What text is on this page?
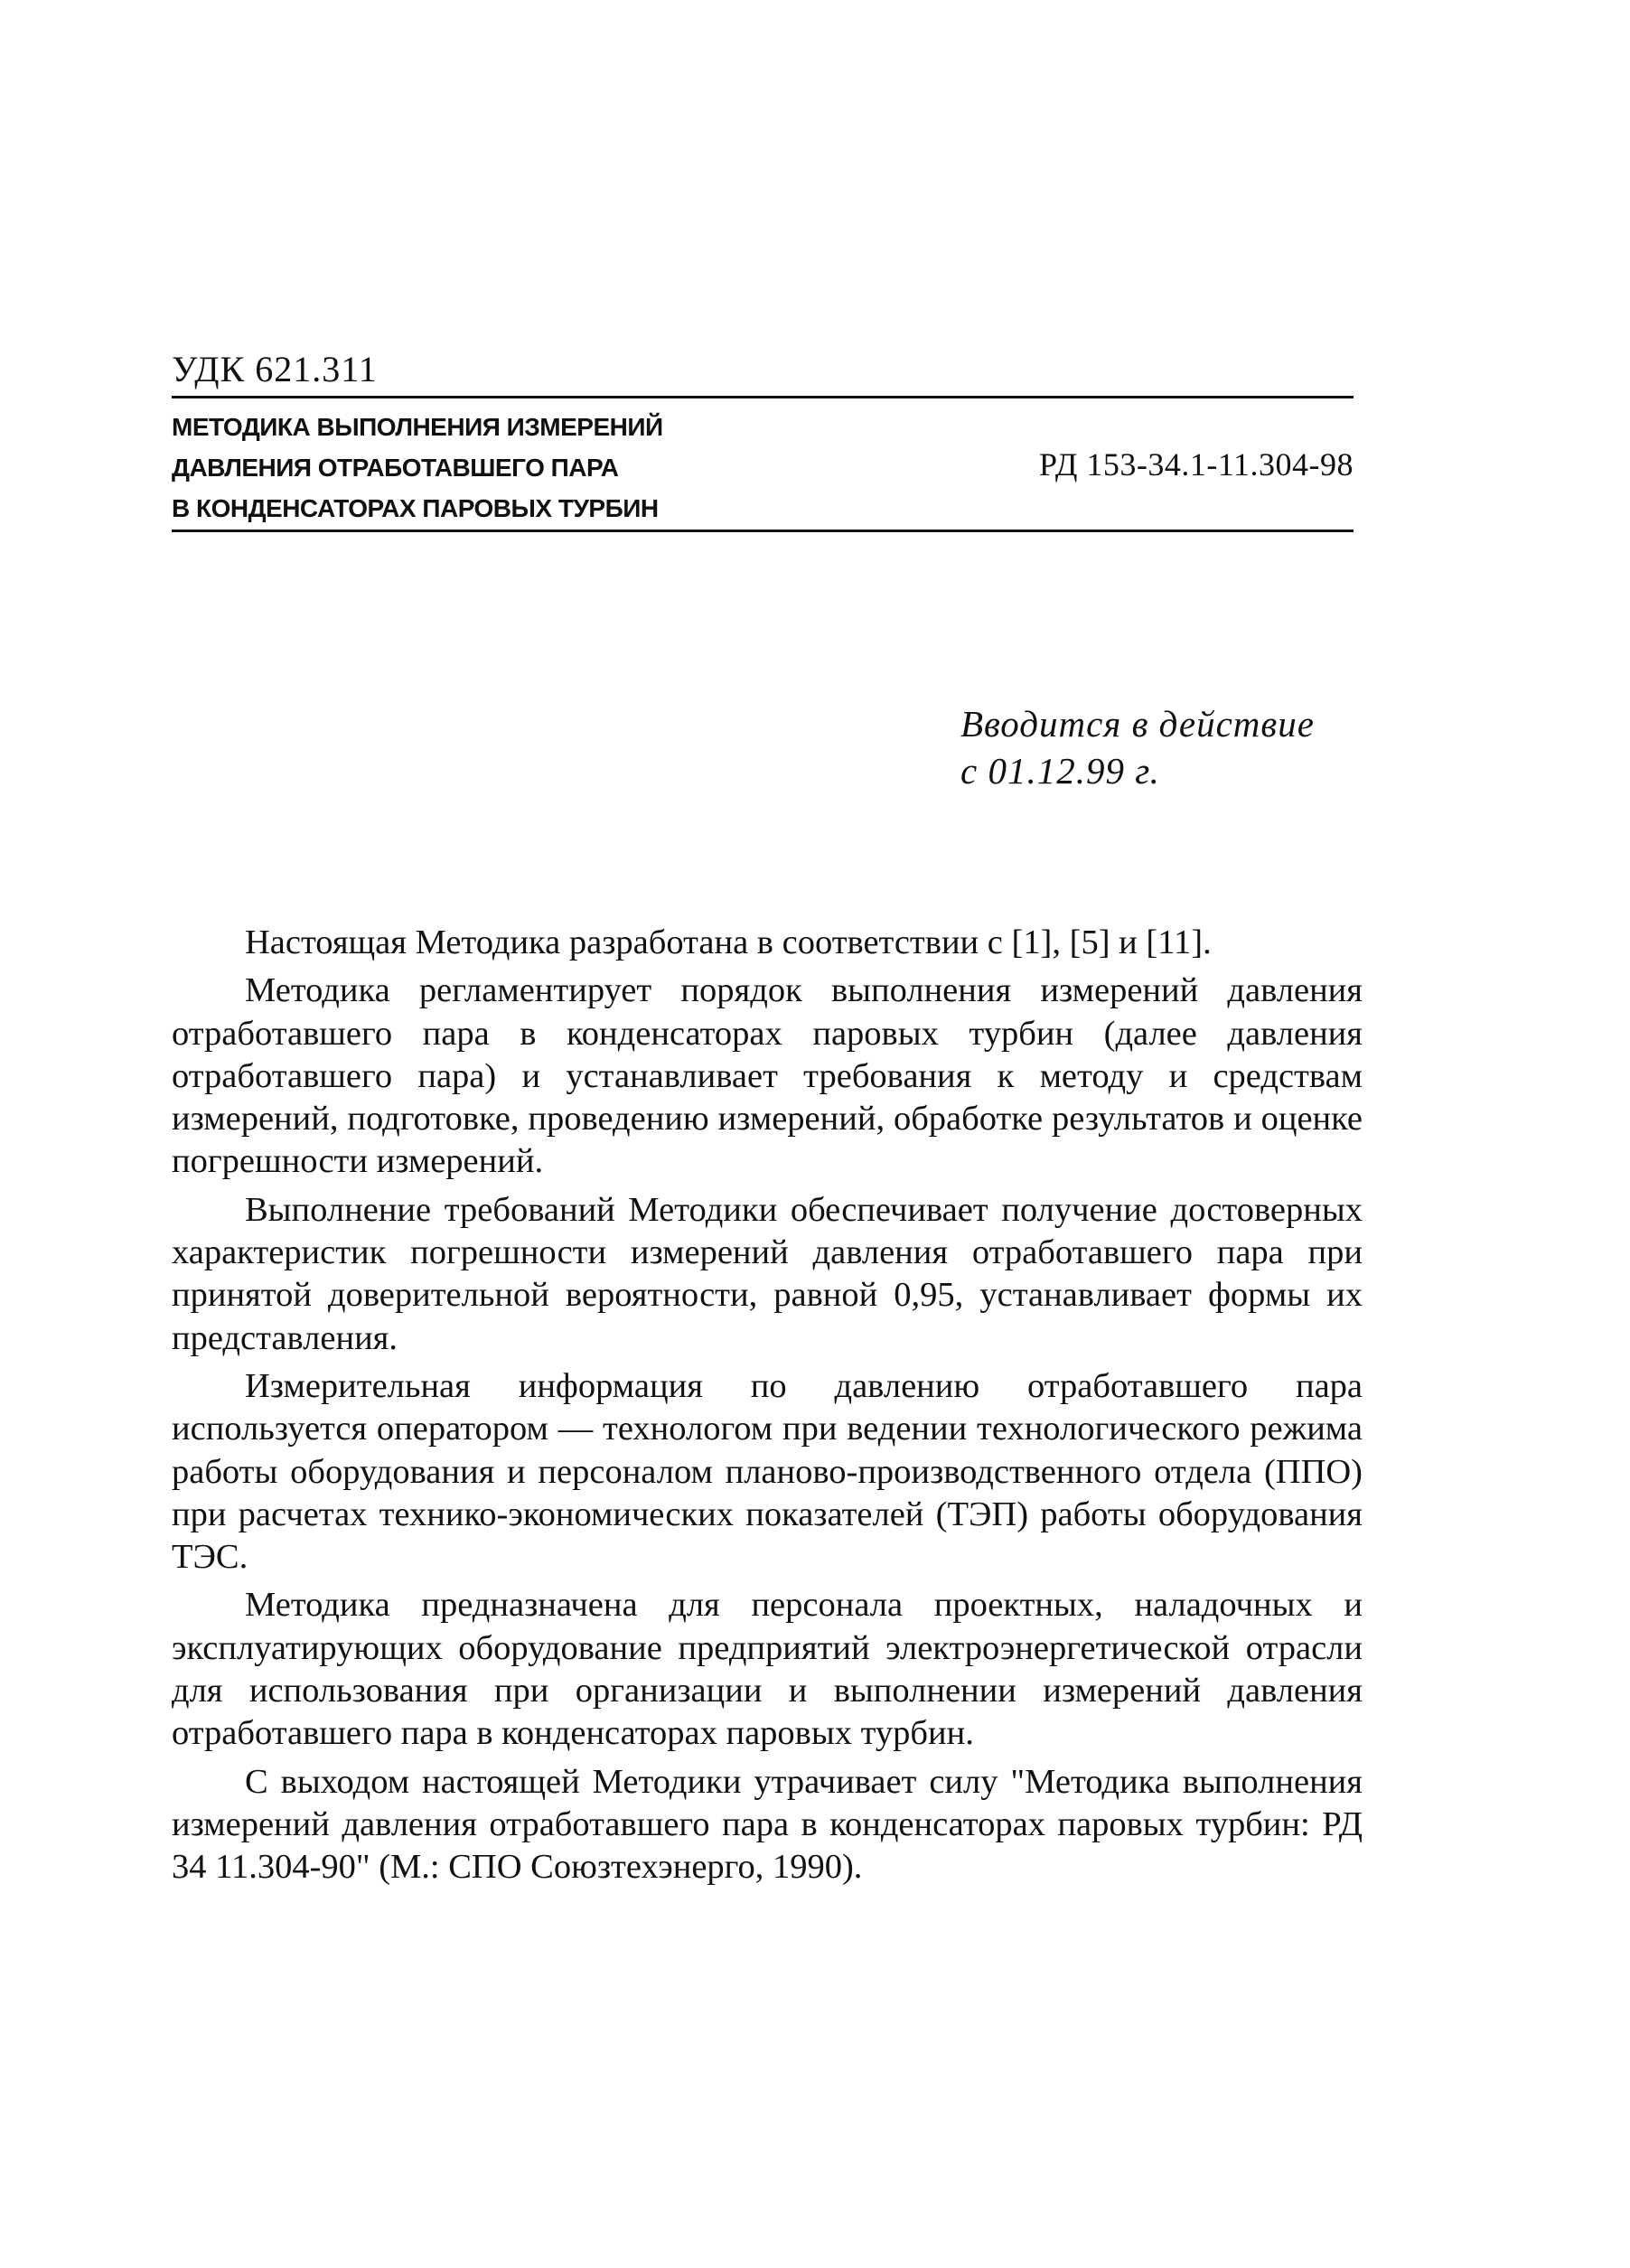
УДК 621.311
МЕТОДИКА ВЫПОЛНЕНИЯ ИЗМЕРЕНИЙ
ДАВЛЕНИЯ ОТРАБОТАВШЕГО ПАРА
В КОНДЕНСАТОРАХ ПАРОВЫХ ТУРБИН
РД 153-34.1-11.304-98
Вводится в действие
с 01.12.99 г.

Настоящая Методика разработана в соответствии с [1], [5] и [11].

Методика регламентирует порядок выполнения измерений давления отработавшего пара в конденсаторах паровых турбин (далее давления отработавшего пара) и устанавливает требования к методу и средствам измерений, подготовке, проведению измерений, обработке результатов и оценке погрешности измерений.

Выполнение требований Методики обеспечивает получение достоверных характеристик погрешности измерений давления отработавшего пара при принятой доверительной вероятности, равной 0,95, устанавливает формы их представления.

Измерительная информация по давлению отработавшего пара используется оператором — технологом при ведении технологического режима работы оборудования и персоналом планово-производственного отдела (ППО) при расчетах технико-экономических показателей (ТЭП) работы оборудования ТЭС.

Методика предназначена для персонала проектных, наладочных и эксплуатирующих оборудование предприятий электроэнергетической отрасли для использования при организации и выполнении измерений давления отработавшего пара в конденсаторах паровых турбин.

С выходом настоящей Методики утрачивает силу "Методика выполнения измерений давления отработавшего пара в конденсаторах паровых турбин: РД 34 11.304-90" (М.: СПО Союзтехэнерго, 1990).
